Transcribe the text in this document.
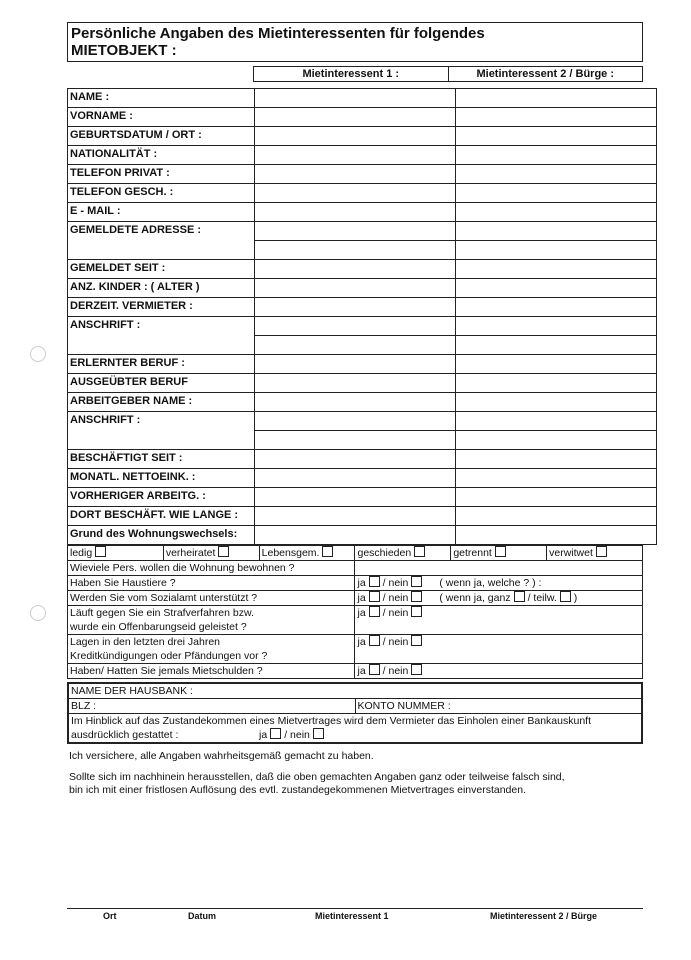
Persönliche Angaben des Mietinteressenten für folgendes
MIETOBJEKT :
Mietinteressent 1 :	Mietinteressent 2 / Bürge :
NAME :		
VORNAME :		
GEBURTSDATUM / ORT :		
NATIONALITÄT :		
TELEFON PRIVAT :		
TELEFON GESCH. :		
E - MAIL :		
GEMELDETE ADRESSE :		

GEMELDET SEIT :		
ANZ. KINDER : ( ALTER )		
DERZEIT. VERMIETER :		
ANSCHRIFT :		

ERLERNTER BERUF :		
AUSGEÜBTER BERUF		
ARBEITGEBER NAME :		
ANSCHRIFT :		

BESCHÄFTIGT SEIT :		
MONATL. NETTOEINK. :		
VORHERIGER ARBEITG. :		
DORT BESCHÄFT. WIE LANGE :		
Grund des Wohnungswechsels:		
ledig	verheiratet	Lebensgem.	geschieden	getrennt	verwitwet
Wieviele Pers. wollen die Wohnung bewohnen ?					
Haben Sie Haustiere ?			ja / nein ( wenn ja, welche ? ) :		
Werden Sie vom Sozialamt unterstützt ?			ja / nein ( wenn ja, ganz / teilw. )		

Läuft gegen Sie ein Strafverfahren bzw.
wurde ein Offenbarungseid geleistet ?			ja / nein		

Lagen in den letzten drei Jahren
Kreditkündigungen oder Pfändungen vor ?			ja / nein		
Haben/ Hatten Sie jemals Mietschulden ?			ja / nein		
NAME DER HAUSBANK :
BLZ :	KONTO NUMMER :

Im Hinblick auf das Zustandekommen eines Mietvertrages wird dem Vermieter das Einholen einer Bankauskunft
ausdrücklich gestattet :	ja / nein
Ich versichere, alle Angaben wahrheitsgemäß gemacht zu haben.
Sollte sich im nachhinein herausstellen, daß die oben gemachten Angaben ganz oder teilweise falsch sind,
bin ich mit einer fristlosen Auflösung des evtl. zustandegekommenen Mietvertrages einverstanden.
Ort	Datum	Mietinteressent 1	Mietinteressent 2 / Bürge
